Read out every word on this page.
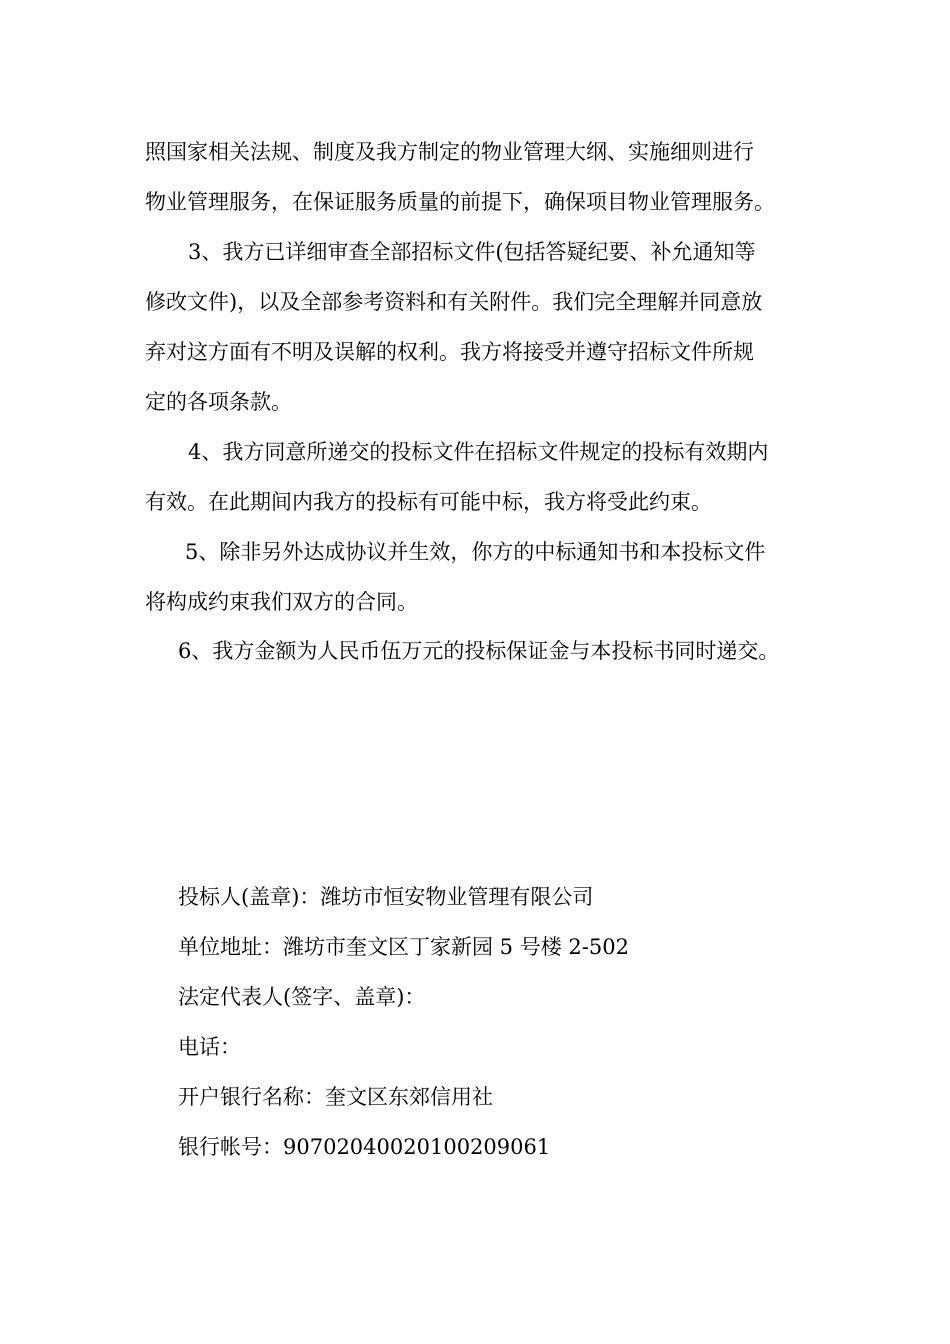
照国家相关法规、制度及我方制定的物业管理大纲、实施细则进行
物业管理服务，在保证服务质量的前提下，确保项目物业管理服务。
3、我方已详细审查全部招标文件(包括答疑纪要、补允通知等
修改文件)，以及全部参考资料和有关附件。我们完全理解并同意放
弃对这方面有不明及误解的权利。我方将接受并遵守招标文件所规
定的各项条款。
4、我方同意所递交的投标文件在招标文件规定的投标有效期内
有效。在此期间内我方的投标有可能中标，我方将受此约束。
5、除非另外达成协议并生效，你方的中标通知书和本投标文件
将构成约束我们双方的合同。
6、我方金额为人民币伍万元的投标保证金与本投标书同时递交。
投标人(盖章)：潍坊市恒安物业管理有限公司
单位地址：潍坊市奎文区丁家新园 5 号楼 2-502
法定代表人(签字、盖章)：
电话：
开户银行名称：奎文区东郊信用社
银行帐号：90702040020100209061
